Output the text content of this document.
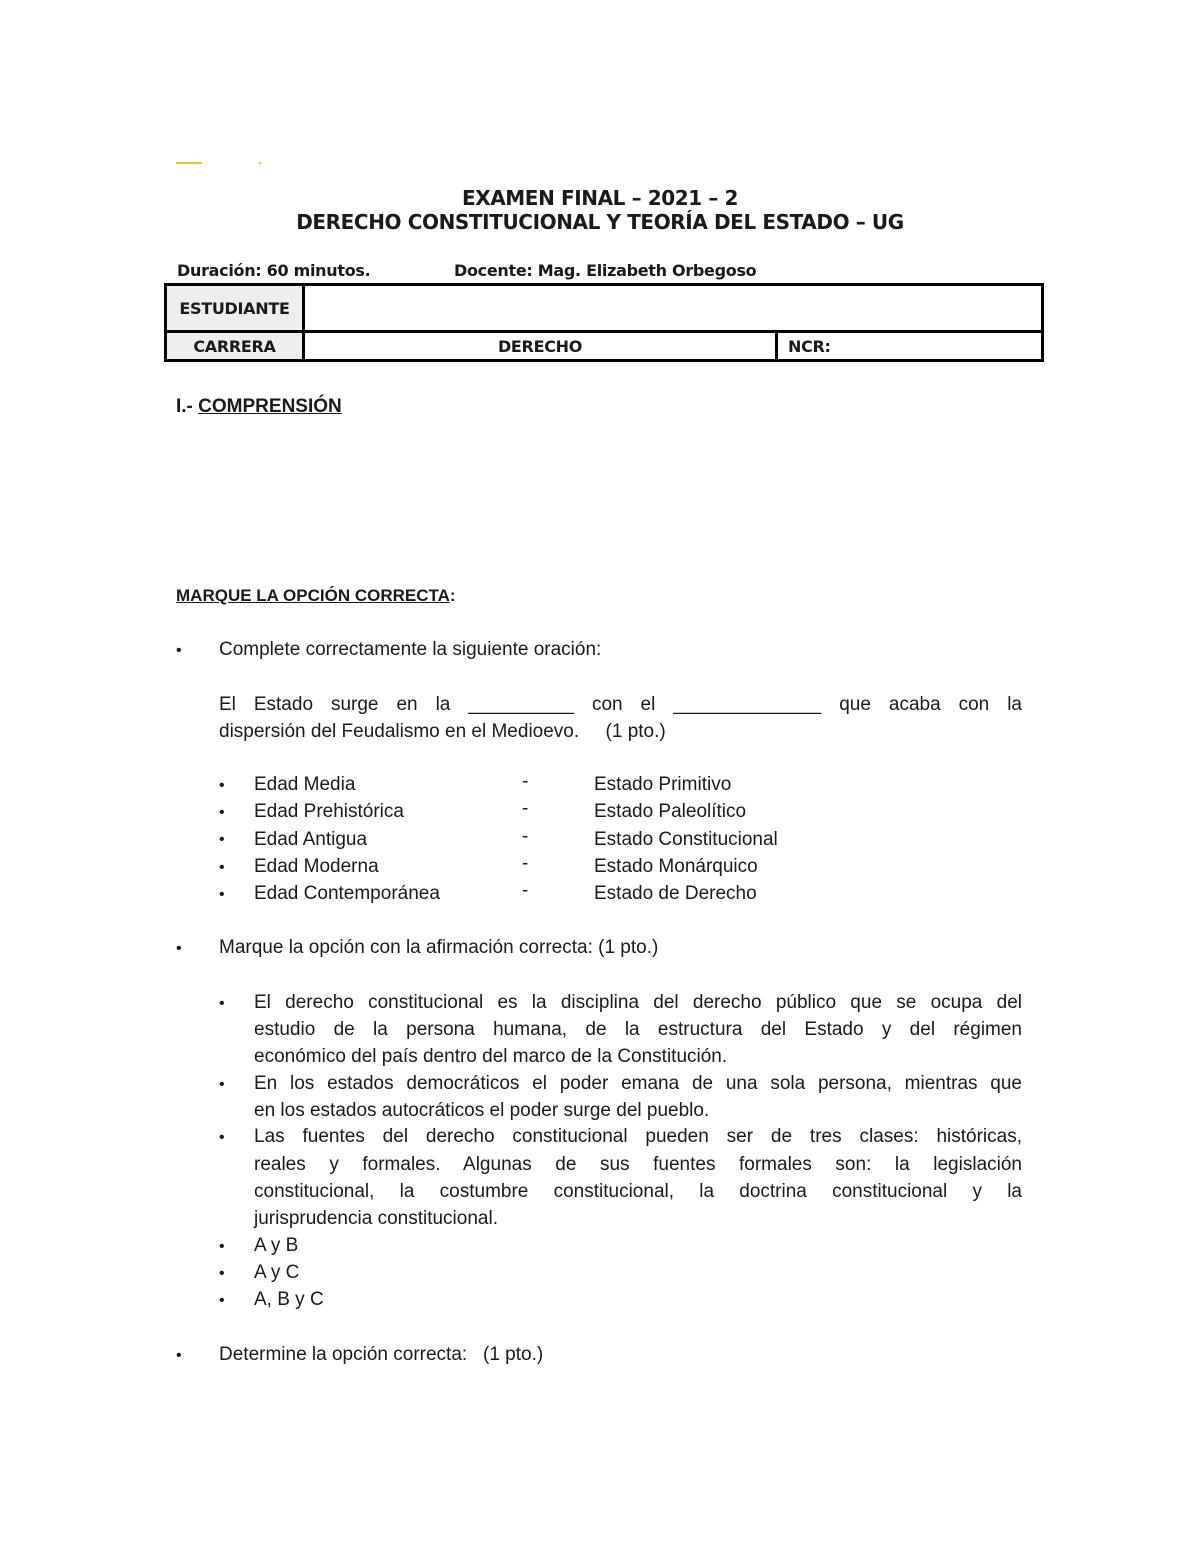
EXAMEN FINAL – 2021 – 2
DERECHO CONSTITUCIONAL Y TEORÍA DEL ESTADO – UG
Duración: 60 minutos.	Docente: Mag. Elizabeth Orbegoso
ESTUDIANTE		
CARRERA	DERECHO	NCR:
I.- COMPRENSIÓN
MARQUE LA OPCIÓN CORRECTA:
• Complete correctamente la siguiente oración:
El Estado surge en la __________ con el ______________ que acaba con la
dispersión del Feudalismo en el Medioevo.     (1 pto.)
• Edad Media	-	Estado Primitivo
• Edad Prehistórica	-	Estado Paleolítico
• Edad Antigua	-	Estado Constitucional
• Edad Moderna	-	Estado Monárquico
• Edad Contemporánea	-	Estado de Derecho
• Marque la opción con la afirmación correcta: (1 pto.)
• El derecho constitucional es la disciplina del derecho público que se ocupa del
estudio de la persona humana, de la estructura del Estado y del régimen
económico del país dentro del marco de la Constitución.
• En los estados democráticos el poder emana de una sola persona, mientras que
en los estados autocráticos el poder surge del pueblo.
• Las fuentes del derecho constitucional pueden ser de tres clases: históricas,
reales y formales. Algunas de sus fuentes formales son: la legislación
constitucional, la costumbre constitucional, la doctrina constitucional y la
jurisprudencia constitucional.
• A y B
• A y C
• A, B y C
• Determine la opción correcta:   (1 pto.)
